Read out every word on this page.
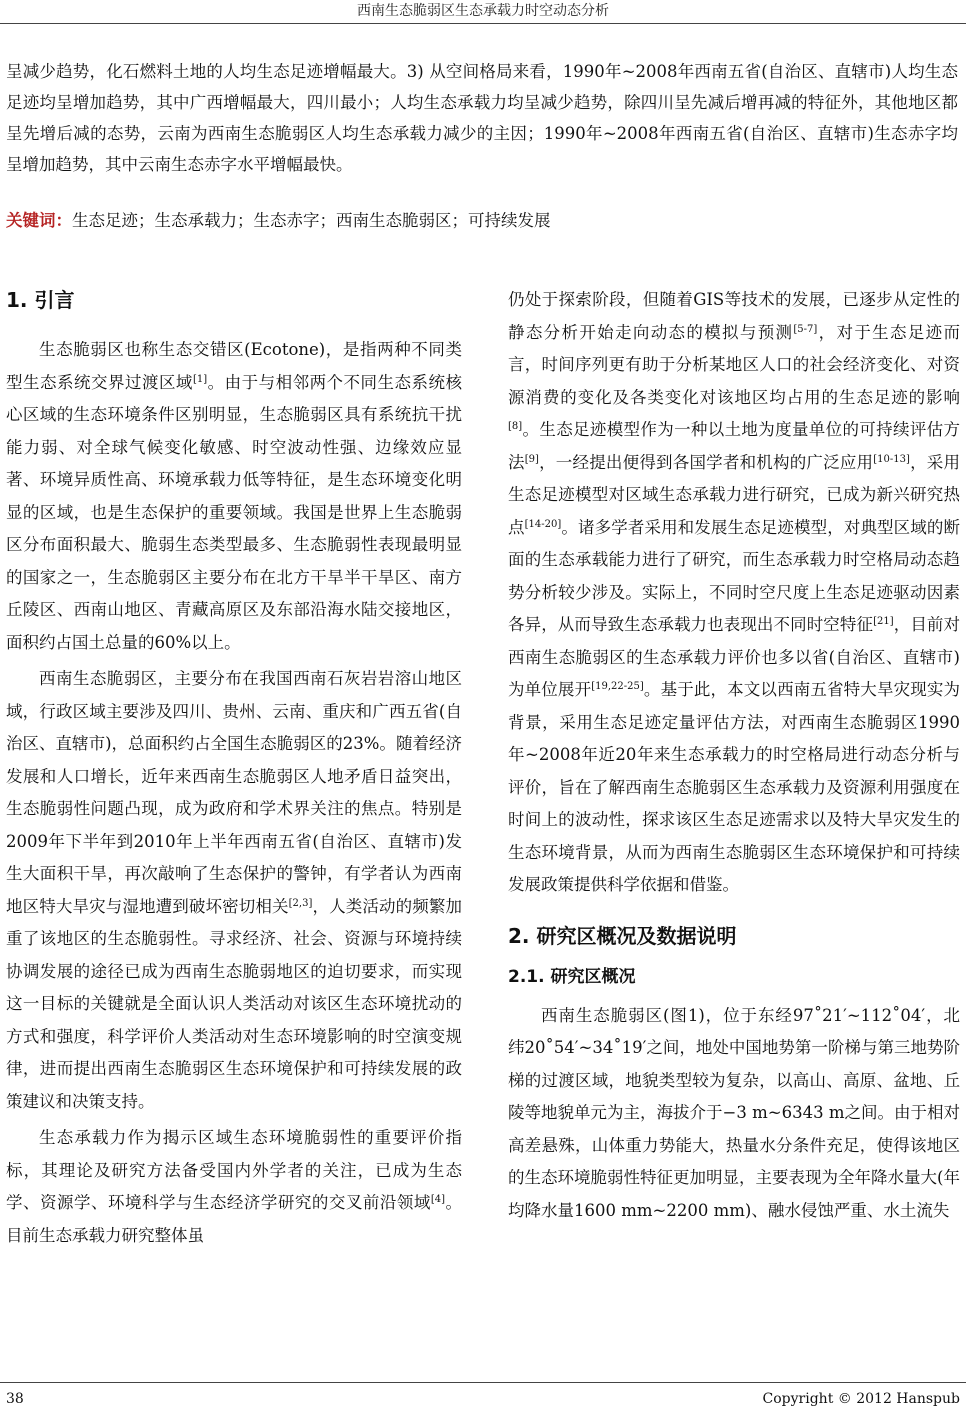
西南生态脆弱区生态承载力时空动态分析

呈减少趋势，化石燃料土地的人均生态足迹增幅最大。3) 从空间格局来看，1990年~2008年西南五省(自治区、直辖市)人均生态足迹均呈增加趋势，其中广西增幅最大，四川最小；人均生态承载力均呈减少趋势，除四川呈先减后增再减的特征外，其他地区都呈先增后减的态势，云南为西南生态脆弱区人均生态承载力减少的主因；1990年~2008年西南五省(自治区、直辖市)生态赤字均呈增加趋势，其中云南生态赤字水平增幅最快。

关键词：生态足迹；生态承载力；生态赤字；西南生态脆弱区；可持续发展
1. 引言

生态脆弱区也称生态交错区(Ecotone)，是指两种不同类型生态系统交界过渡区域[1]。由于与相邻两个不同生态系统核心区域的生态环境条件区别明显，生态脆弱区具有系统抗干扰能力弱、对全球气候变化敏感、时空波动性强、边缘效应显著、环境异质性高、环境承载力低等特征，是生态环境变化明显的区域，也是生态保护的重要领域。我国是世界上生态脆弱区分布面积最大、脆弱生态类型最多、生态脆弱性表现最明显的国家之一，生态脆弱区主要分布在北方干旱半干旱区、南方丘陵区、西南山地区、青藏高原区及东部沿海水陆交接地区，面积约占国土总量的60%以上。

西南生态脆弱区，主要分布在我国西南石灰岩岩溶山地区域，行政区域主要涉及四川、贵州、云南、重庆和广西五省(自治区、直辖市)，总面积约占全国生态脆弱区的23%。随着经济发展和人口增长，近年来西南生态脆弱区人地矛盾日益突出，生态脆弱性问题凸现，成为政府和学术界关注的焦点。特别是2009年下半年到2010年上半年西南五省(自治区、直辖市)发生大面积干旱，再次敲响了生态保护的警钟，有学者认为西南地区特大旱灾与湿地遭到破坏密切相关[2,3]，人类活动的频繁加重了该地区的生态脆弱性。寻求经济、社会、资源与环境持续协调发展的途径已成为西南生态脆弱地区的迫切要求，而实现这一目标的关键就是全面认识人类活动对该区生态环境扰动的方式和强度，科学评价人类活动对生态环境影响的时空演变规律，进而提出西南生态脆弱区生态环境保护和可持续发展的政策建议和决策支持。

生态承载力作为揭示区域生态环境脆弱性的重要评价指标，其理论及研究方法备受国内外学者的关注，已成为生态学、资源学、环境科学与生态经济学研究的交叉前沿领域[4]。目前生态承载力研究整体虽

仍处于探索阶段，但随着GIS等技术的发展，已逐步从定性的静态分析开始走向动态的模拟与预测[5-7]，对于生态足迹而言，时间序列更有助于分析某地区人口的社会经济变化、对资源消费的变化及各类变化对该地区均占用的生态足迹的影响[8]。生态足迹模型作为一种以土地为度量单位的可持续评估方法[9]，一经提出便得到各国学者和机构的广泛应用[10-13]，采用生态足迹模型对区域生态承载力进行研究，已成为新兴研究热点[14-20]。诸多学者采用和发展生态足迹模型，对典型区域的断面的生态承载能力进行了研究，而生态承载力时空格局动态趋势分析较少涉及。实际上，不同时空尺度上生态足迹驱动因素各异，从而导致生态承载力也表现出不同时空特征[21]，目前对西南生态脆弱区的生态承载力评价也多以省(自治区、直辖市)为单位展开[19,22-25]。基于此，本文以西南五省特大旱灾现实为背景，采用生态足迹定量评估方法，对西南生态脆弱区1990年~2008年近20年来生态承载力的时空格局进行动态分析与评价，旨在了解西南生态脆弱区生态承载力及资源利用强度在时间上的波动性，探求该区生态足迹需求以及特大旱灾发生的生态环境背景，从而为西南生态脆弱区生态环境保护和可持续发展政策提供科学依据和借鉴。

2. 研究区概况及数据说明
2.1. 研究区概况

西南生态脆弱区(图1)，位于东经97˚21′~112˚04′，北纬20˚54′~34˚19′之间，地处中国地势第一阶梯与第三地势阶梯的过渡区域，地貌类型较为复杂，以高山、高原、盆地、丘陵等地貌单元为主，海拔介于−3 m~6343 m之间。由于相对高差悬殊，山体重力势能大，热量水分条件充足，使得该地区的生态环境脆弱性特征更加明显，主要表现为全年降水量大(年均降水量1600 mm~2200 mm)、融水侵蚀严重、水土流失

38	Copyright © 2012 Hanspub
